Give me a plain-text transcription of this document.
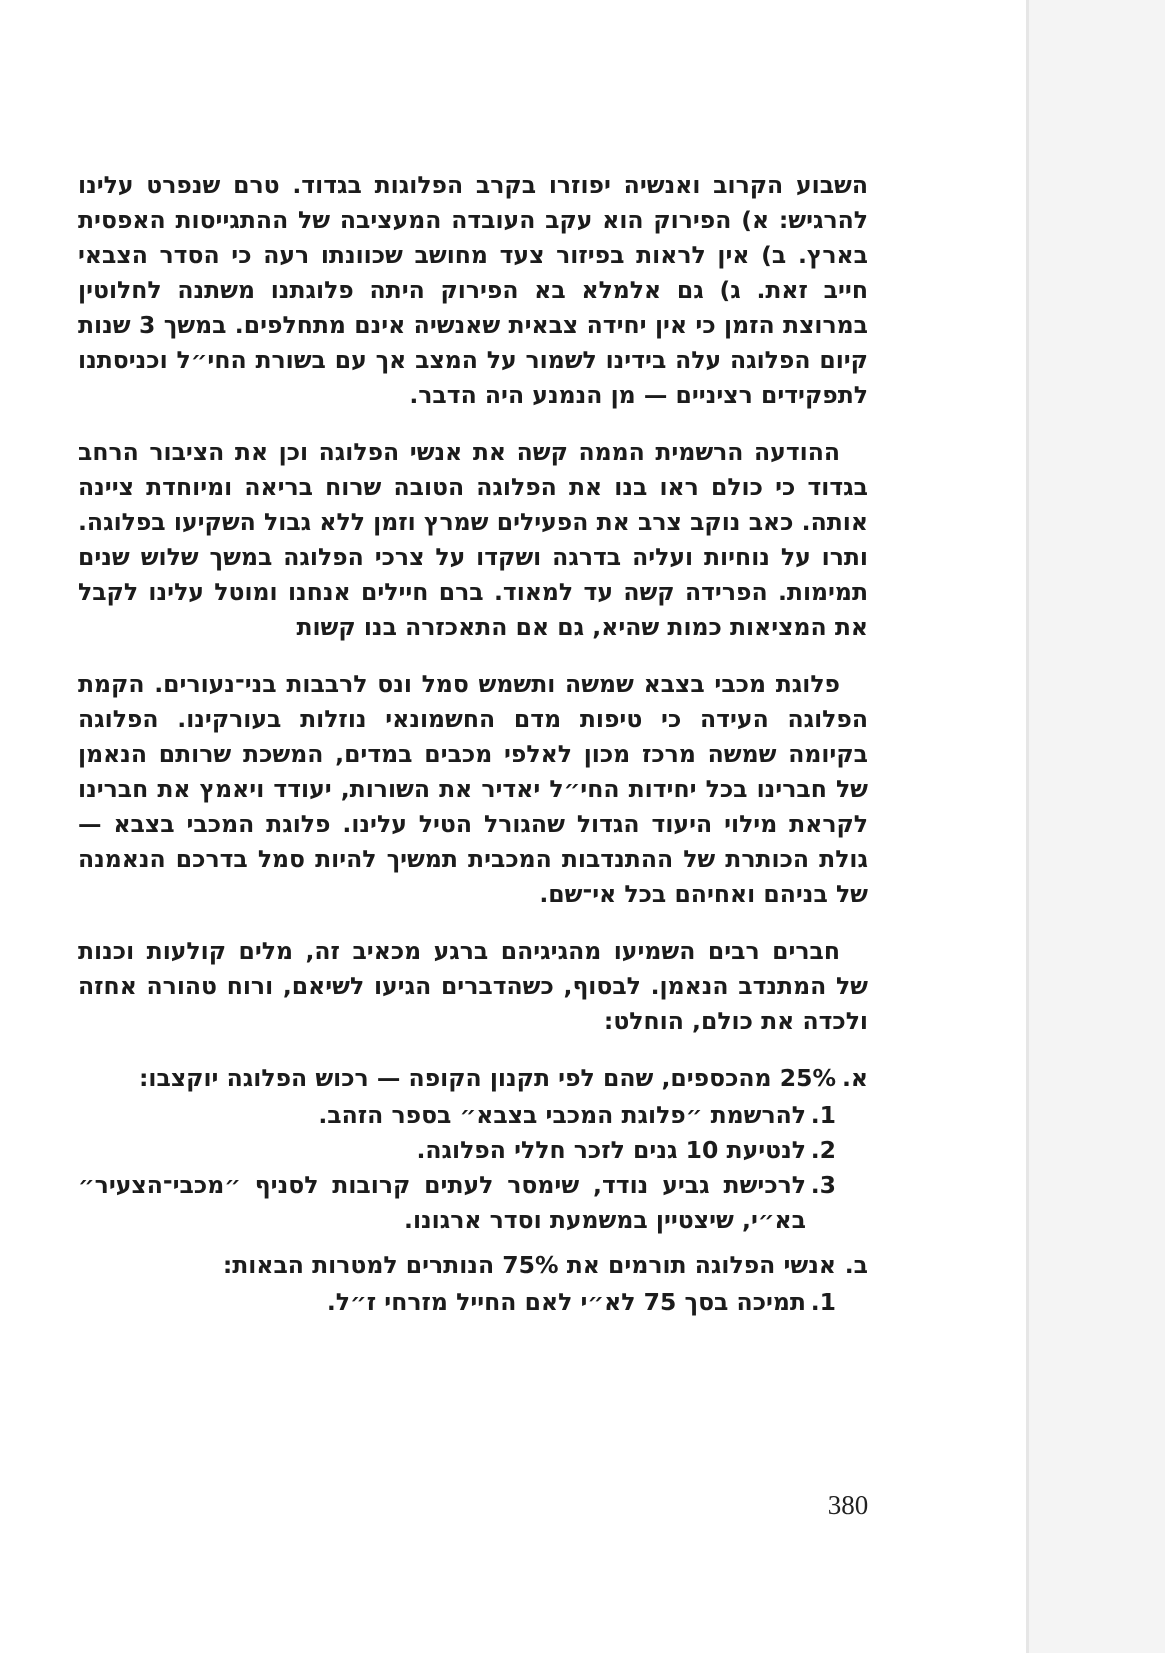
השבוע הקרוב ואנשיה יפוזרו בקרב הפלוגות בגדוד. טרם שנפרט עלינו להרגיש: א) הפירוק הוא עקב העובדה המעציבה של ההתגייסות האפסית בארץ. ב) אין לראות בפיזור צעד מחושב שכוונתו רעה כי הסדר הצבאי חייב זאת. ג) גם אלמלא בא הפירוק היתה פלוגתנו משתנה לחלוטין במרוצת הזמן כי אין יחידה צבאית שאנשיה אינם מתחלפים. במשך 3 שנות קיום הפלוגה עלה בידינו לשמור על המצב אך עם בשורת החי״ל וכניסתנו לתפקידים רציניים — מן הנמנע היה הדבר.

ההודעה הרשמית הממה קשה את אנשי הפלוגה וכן את הציבור הרחב בגדוד כי כולם ראו בנו את הפלוגה הטובה שרוח בריאה ומיוחדת ציינה אותה. כאב נוקב צרב את הפעילים שמרץ וזמן ללא גבול השקיעו בפלוגה. ותרו על נוחיות ועליה בדרגה ושקדו על צרכי הפלוגה במשך שלוש שנים תמימות. הפרידה קשה עד למאוד. ברם חיילים אנחנו ומוטל עלינו לקבל את המציאות כמות שהיא, גם אם התאכזרה בנו קשות

פלוגת מכבי בצבא שמשה ותשמש סמל ונס לרבבות בני־נעורים. הקמת הפלוגה העידה כי טיפות מדם החשמונאי נוזלות בעורקינו. הפלוגה בקיומה שמשה מרכז מכון לאלפי מכבים במדים, המשכת שרותם הנאמן של חברינו בכל יחידות החי״ל יאדיר את השורות, יעודד ויאמץ את חברינו לקראת מילוי היעוד הגדול שהגורל הטיל עלינו. פלוגת המכבי בצבא — גולת הכותרת של ההתנדבות המכבית תמשיך להיות סמל בדרכם הנאמנה של בניהם ואחיהם בכל אי־שם.

חברים רבים השמיעו מהגיגיהם ברגע מכאיב זה, מלים קולעות וכנות של המתנדב הנאמן. לבסוף, כשהדברים הגיעו לשיאם, ורוח טהורה אחזה ולכדה את כולם, הוחלט:

א.
25% מהכספים, שהם לפי תקנון הקופה — רכוש הפלוגה יוקצבו:
1.
להרשמת ״פלוגת המכבי בצבא״ בספר הזהב.
2.
לנטיעת 10 גנים לזכר חללי הפלוגה.
3.
לרכישת גביע נודד, שימסר לעתים קרובות לסניף ״מכבי־הצעיר״ בא״י, שיצטיין במשמעת וסדר ארגונו.
ב.
אנשי הפלוגה תורמים את 75% הנותרים למטרות הבאות:
1.
תמיכה בסך 75 לא״י לאם החייל מזרחי ז״ל.
380
